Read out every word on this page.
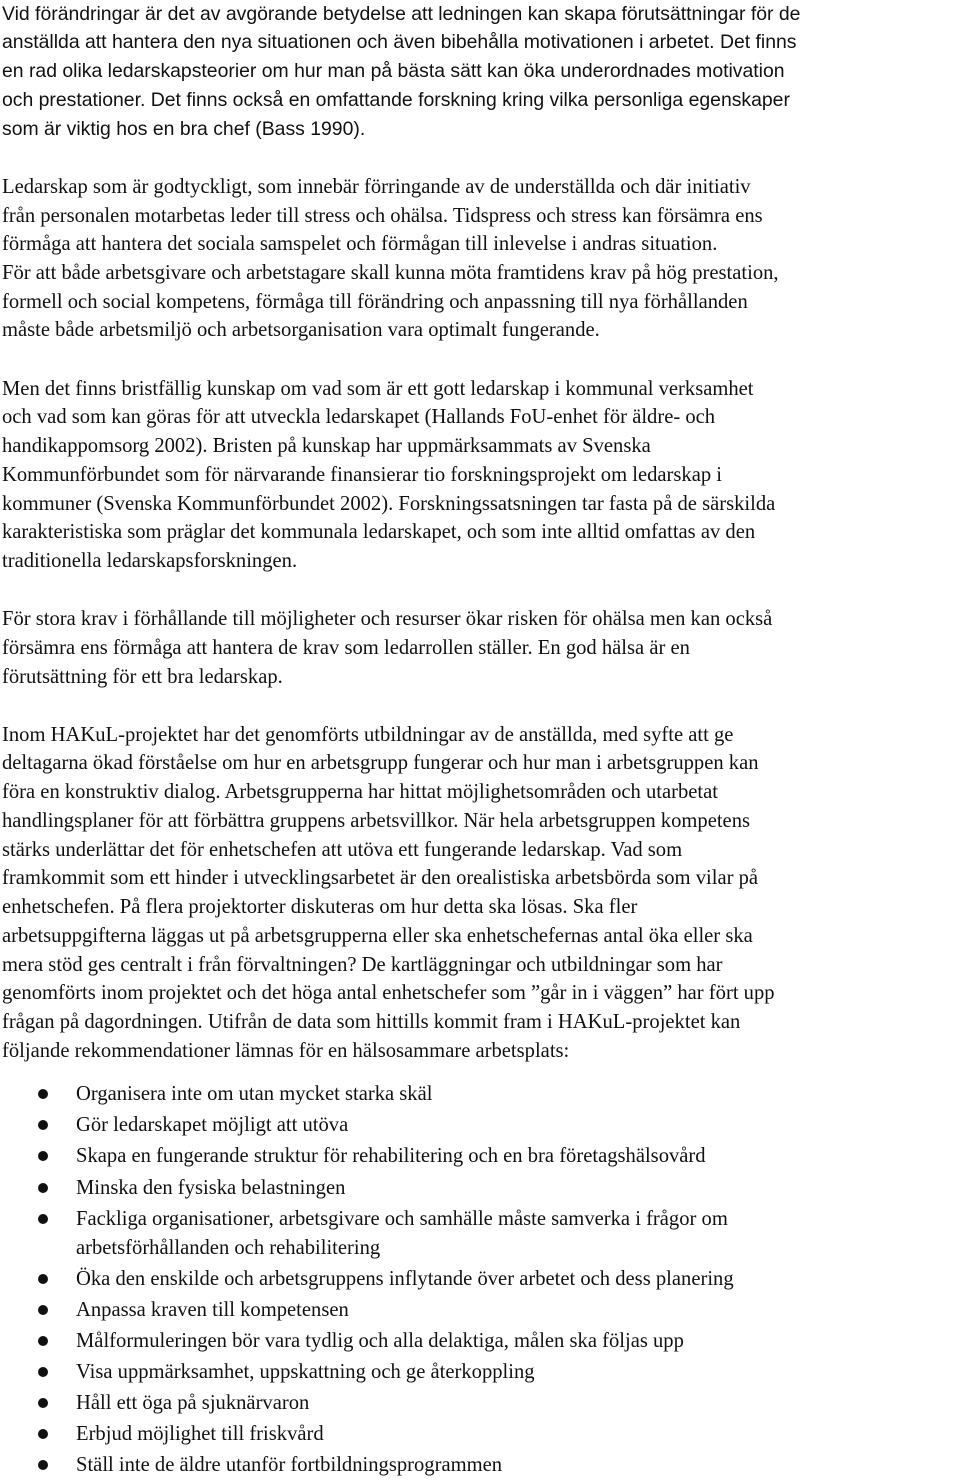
Vid förändringar är det av avgörande betydelse att ledningen kan skapa förutsättningar för de
anställda att hantera den nya situationen och även bibehålla motivationen i arbetet. Det finns
en rad olika ledarskapsteorier om hur man på bästa sätt kan öka underordnades motivation
och prestationer. Det finns också en omfattande forskning kring vilka personliga egenskaper
som är viktig hos en bra chef (Bass 1990).
Ledarskap som är godtyckligt, som innebär förringande av de underställda och där initiativ
från personalen motarbetas leder till stress och ohälsa. Tidspress och stress kan försämra ens
förmåga att hantera det sociala samspelet och förmågan till inlevelse i andras situation.
För att både arbetsgivare och arbetstagare skall kunna möta framtidens krav på hög prestation,
formell och social kompetens, förmåga till förändring och anpassning till nya förhållanden
måste både arbetsmiljö och arbetsorganisation vara optimalt fungerande.
Men det finns bristfällig kunskap om vad som är ett gott ledarskap i kommunal verksamhet
och vad som kan göras för att utveckla ledarskapet (Hallands FoU-enhet för äldre- och
handikappomsorg 2002). Bristen på kunskap har uppmärksammats av Svenska
Kommunförbundet som för närvarande finansierar tio forskningsprojekt om ledarskap i
kommuner (Svenska Kommunförbundet 2002). Forskningssatsningen tar fasta på de särskilda
karakteristiska som präglar det kommunala ledarskapet, och som inte alltid omfattas av den
traditionella ledarskapsforskningen.
För stora krav i förhållande till möjligheter och resurser ökar risken för ohälsa men kan också
försämra ens förmåga att hantera de krav som ledarrollen ställer. En god hälsa är en
förutsättning för ett bra ledarskap.
Inom HAKuL-projektet har det genomförts utbildningar av de anställda, med syfte att ge
deltagarna ökad förståelse om hur en arbetsgrupp fungerar och hur man i arbetsgruppen kan
föra en konstruktiv dialog. Arbetsgrupperna har hittat möjlighetsområden och utarbetat
handlingsplaner för att förbättra gruppens arbetsvillkor. När hela arbetsgruppen kompetens
stärks underlättar det för enhetschefen att utöva ett fungerande ledarskap. Vad som
framkommit som ett hinder i utvecklingsarbetet är den orealistiska arbetsbörda som vilar på
enhetschefen. På flera projektorter diskuteras om hur detta ska lösas. Ska fler
arbetsuppgifterna läggas ut på arbetsgrupperna eller ska enhetschefernas antal öka eller ska
mera stöd ges centralt i från förvaltningen? De kartläggningar och utbildningar som har
genomförts inom projektet och det höga antal enhetschefer som ”går in i väggen” har fört upp
frågan på dagordningen. Utifrån de data som hittills kommit fram i HAKuL-projektet kan
följande rekommendationer lämnas för en hälsosammare arbetsplats:
Organisera inte om utan mycket starka skäl
Gör ledarskapet möjligt att utöva
Skapa en fungerande struktur för rehabilitering och en bra företagshälsovård
Minska den fysiska belastningen
Fackliga organisationer, arbetsgivare och samhälle måste samverka i frågor om
arbetsförhållanden och rehabilitering
Öka den enskilde och arbetsgruppens inflytande över arbetet och dess planering
Anpassa kraven till kompetensen
Målformuleringen bör vara tydlig och alla delaktiga, målen ska följas upp
Visa uppmärksamhet, uppskattning och ge återkoppling
Håll ett öga på sjuknärvaron
Erbjud möjlighet till friskvård
Ställ inte de äldre utanför fortbildningsprogrammen
